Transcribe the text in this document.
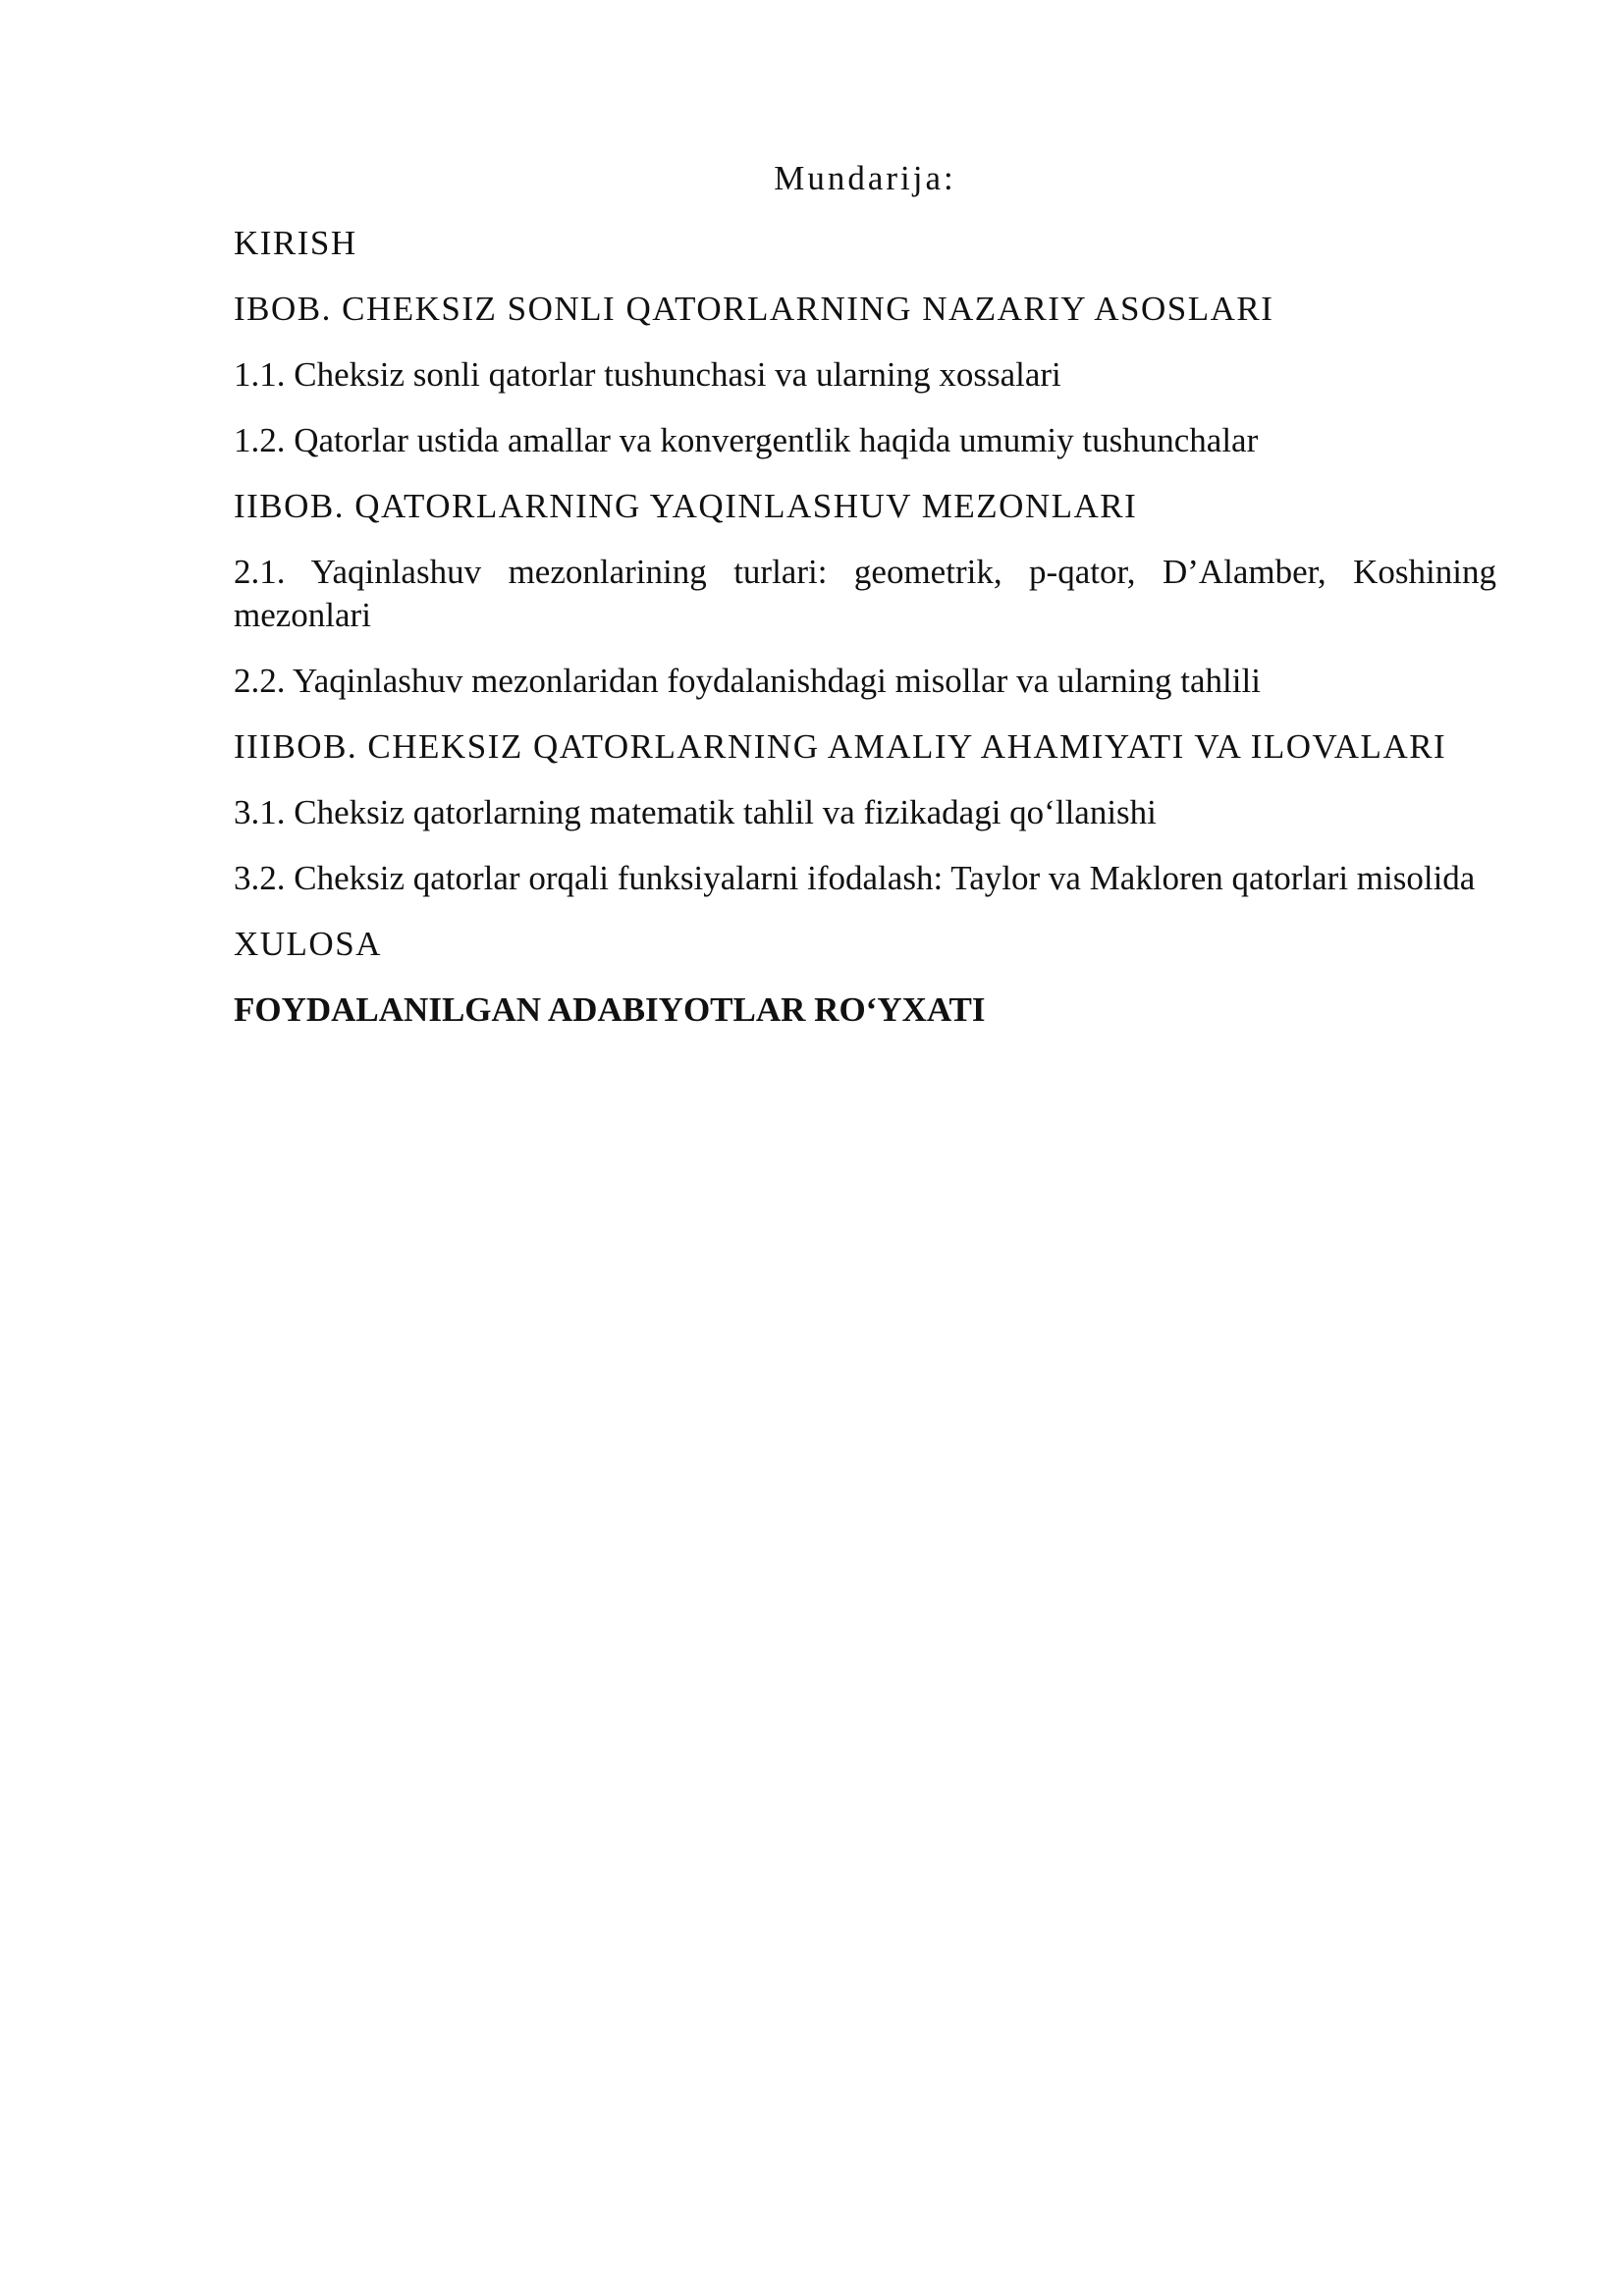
Mundarija:
KIRISH
IBOB. CHEKSIZ SONLI QATORLARNING NAZARIY ASOSLARI
1.1. Cheksiz sonli qatorlar tushunchasi va ularning xossalari
1.2. Qatorlar ustida amallar va konvergentlik haqida umumiy tushunchalar
IIBOB. QATORLARNING YAQINLASHUV MEZONLARI
2.1. Yaqinlashuv mezonlarining turlari: geometrik, p-qator, D’Alamber, Koshining mezonlari
2.2. Yaqinlashuv mezonlaridan foydalanishdagi misollar va ularning tahlili
IIIBOB. CHEKSIZ QATORLARNING AMALIY AHAMIYATI VA ILOVALARI
3.1. Cheksiz qatorlarning matematik tahlil va fizikadagi qo‘llanishi
3.2. Cheksiz qatorlar orqali funksiyalarni ifodalash: Taylor va Makloren qatorlari misolida
XULOSA
FOYDALANILGAN ADABIYOTLAR RO‘YXATI
